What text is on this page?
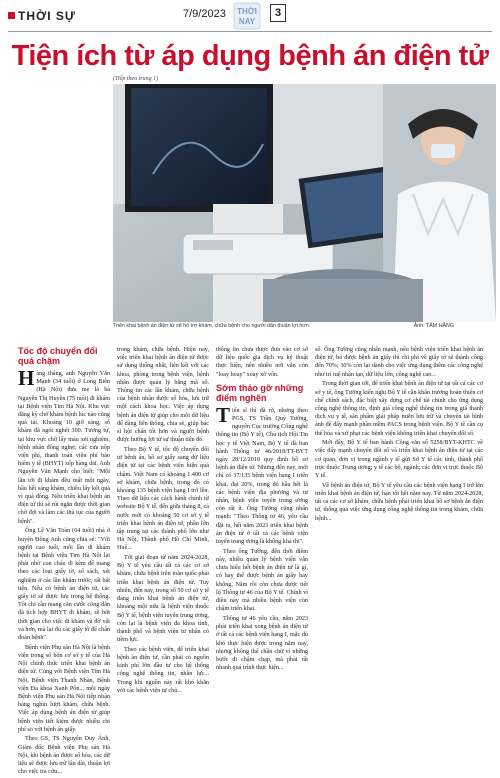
THỜI SỰ	7/9/2023 THỜI
NAY
3
Tiện ích từ áp dụng bệnh án điện tử
(Tiếp theo trang 1)
Triển khai bệnh án điện tử sẽ hỗ trợ khám, chữa bệnh cho người dân thuận lợi hơn.	Ảnh: TÂM HẰNG
Tốc độ chuyển đổi quá chậm

Hàng tháng, anh Nguyễn Văn Mạnh (34 tuổi) ở Long Biên (Hà Nội) đưa mẹ là bà Nguyễn Thị Huyền (75 tuổi) đi khám tại Bệnh viện Tim Hà Nội. Khu vực đăng ký chờ khám bệnh lúc nào cũng quá tải. Khoảng 10 giờ sáng, số khám đã ngót nghét 300. Tương tự, tại khu vực chờ lấy máu xét nghiệm, bệnh nhân đông nghẹt; các cửa nộp viện phí, thanh toán viện phí bảo hiểm y tế (BHYT) xếp hàng dài. Anh Nguyễn Văn Mạnh cho biết: "Mỗi lần tới đi khám đều mất một ngày, hầu hết sáng khám, chiều lấy kết quả vì quá đông. Nếu triển khai bệnh án điện tử thì sẽ rút ngắn được thời gian chờ đợi và làm các thủ tục của người bệnh".

Ông Lê Văn Toàn (64 tuổi) nhà ở huyện Đông Anh cũng chia sẻ: "Với người cao tuổi, mỗi lần đi khám bệnh tại Bệnh viện Tim Hà Nội lại phải nhờ con cháu đi kèm để mang theo các loại giấy tờ, sổ sách, xét nghiệm ở các lần khám trước, rất bất tiện. Nếu có bệnh án điện tử, các giấy tờ sẽ được lưu trong hệ thống. Tôi chỉ cần mang căn cước công dân đã tích hợp BHYT đi khám, sẽ bớt thời gian cho việc đi khám và đỡ vất vả hơn, mà lại đủ các giấy tờ để chẩn đoán bệnh".

Bệnh viện Phụ sản Hà Nội là bệnh viện trong số bốn cơ sở y tế của Hà Nội chính thức triển khai bệnh án điện tử. Cùng với Bệnh viện Tim Hà Nội, Bệnh viện Thanh Nhàn, Bệnh viện Đa khoa Xanh Pôn... mỗi ngày Bệnh viện Phụ sản Hà Nội tiếp nhận hàng nghìn lượt khám, chữa bệnh. Việc áp dụng bệnh án điện tử giúp bệnh viện tiết kiệm được nhiều chi phí so với bệnh án giấy.

Theo GS, TS Nguyễn Duy Ánh, Giám đốc Bệnh viện Phụ sản Hà Nội, khi bệnh án được số hóa, các dữ liệu sẽ được lưu trữ lâu dài, thuận lợi cho việc tra cứu...

trong khám, chữa bệnh. Hiện nay, việc triển khai bệnh án điện tử được sử dụng thống nhất, liên kết với các khoa, phòng trong bệnh viện, bệnh nhân được quản lý bằng mã số. Thông tin các lần khám, chữa bệnh của bệnh nhân được số hóa, lưu trữ một cách khoa học. Việc áp dụng bệnh án điện tử giúp cho mỗi dữ liệu để dàng liên thông, chia sẻ, giúp bác sĩ hội chẩn tốt hơn và người bệnh được hưởng lợi từ sự thuận tiện đó.

Theo Bộ Y tế, tốc độ chuyển đổi từ bệnh án, hồ sơ giấy sang dữ liệu điện tử tại các bệnh viện hiện quá chậm. Việt Nam có khoảng 1.400 cơ sở khám, chữa bệnh, trong đó có khoảng 135 bệnh viện hạng I trở lên. Theo dữ liệu các cách hành chính từ website Bộ Y tế, đến giữa tháng 8, cả nước mới có khoảng 50 cơ sở y tế triển khai bệnh án điện tử, phần lớn tập trung tại các thành phố lớn như Hà Nội, Thành phố Hồ Chí Minh, Huế...

Tới giai đoạn từ năm 2024-2028, Bộ Y tế yêu cầu tất cả các cơ sở khám, chữa bệnh trên toàn quốc phải triển khai bệnh án điện tử. Tuy nhiên, đến nay, trong số 50 cơ sở y tế đang triển khai bệnh án điện tử, khoảng một nửa là bệnh viện thuộc Bộ Y tế, bệnh viện tuyến trung ương, còn lại là bệnh viện đa khoa tỉnh, thành phố và bệnh viện tư nhân có tiềm lực.

Theo các bệnh viện, để triển khai bệnh án điện tử, cần phải có nguồn kinh phí lớn đầu tư cho hệ thống công nghệ thông tin, nhân lực... Trong khi nguồn này rất khó khăn với các bệnh viện tự chủ...

thông tin chưa được đưa vào cơ sở dữ liệu quốc gia dịch vụ kỹ thuật thực hiện, nên nhiều nơi vẫn còn "loay hoay" xoay xở vốn.

Sớm thảo gỡ những điểm nghẽn

Tiến sĩ thì đã rõ, nhưng theo PGS, TS Trần Quý Tường, nguyên Cục trưởng Công nghệ thông tin (Bộ Y tế), Chủ tịch Hội Tin học y tế Việt Nam, Bộ Y tế đã ban hành Thông tư 46/2018/TT-BYT ngày 28/12/2018 quy định hồ sơ bệnh án điện tử. Nhưng đến nay, mới chỉ có 37/135 bệnh viện hạng I triển khai, đạt 20%, trong đó hầu hết là các bệnh viện địa phương và tư nhân, bệnh viện tuyến trung ương còn rất ít. Ông Tường cũng nhấn mạnh: "Theo Thông tư 46, yêu cầu đặt ra, hết năm 2023 triển khai bệnh án điện tử ở tất cả các bệnh viện tuyến trung ương là không khả thi".

Theo ông Tường, đến thời điểm này, nhiều quản lý bệnh viện vẫn chưa hiểu hết bệnh án điện tử là gì, có hay thế được bệnh án giấy hay không. Năm rồi còn chưa được tiết lộ Thông tư 46 của Bộ Y tế. Chính vì điều này mà nhiều bệnh viện còn chậm triển khai.

Thông tư 46 yêu cầu, năm 2023 phải triển khai xong bệnh án điện tử ở tất cả các bệnh viện hạng I, mặc dù khó thực hiện được trong năm nay, nhưng không thể chần chừ vì những bước đi chậm chạp, mà phải rất nhanh quá trình thực hiện...

số. Ông Tường cũng nhấn mạnh, nếu bệnh viện triển khai bệnh án điện tử, bỏ được bệnh án giấy thì chi phí về giấy tờ sẽ thành công đến 70%; 30% còn lại dành cho việc ứng dụng thêm các công nghệ như trí tuệ nhân tạo, dữ liệu lớn, công nghệ cao...

Trong thời gian tới, để triển khai bệnh án điện tử tại tất cả các cơ sở y tế, ông Tường kiến nghị Bộ Y tế cần khẩn trương hoàn thiện cơ chế chính sách, đặc biệt xây dựng cơ chế tài chính cho ứng dụng công nghệ thông tin, định giá công nghệ thông tin trong giá thanh dịch vụ y tế, sản phẩm giải pháp miễn lưu trữ và chuyển tải hình ảnh để đẩy mạnh phần mềm PACS trong bệnh viện. Bộ Y tế cần cụ thể hóa và xử phạt các bệnh viện không triển khai chuyển đổi số.

Mới đây, Bộ Y tế ban hành Công văn số 5258/BYT-KHTC về việc đẩy mạnh chuyển đổi số và triển khai bệnh án điện tử tại các cơ quan, đơn vị trong ngành y tế gửi Sở Y tế các tỉnh, thành phố trực thuộc Trung ương; y tế các bộ, ngành; các đơn vị trực thuộc Bộ Y tế.

Về bệnh án điện tử, Bộ Y tế yêu cầu các bệnh viện hạng I trở lên triển khai bệnh án điện tử, hạn tối hết năm nay. Từ năm 2024-2028, tất cả các cơ sở khám, chữa bệnh phải triển khai hồ sơ bệnh án điện tử, thông qua việc ứng dụng công nghệ thông tin trong khám, chữa bệnh...
